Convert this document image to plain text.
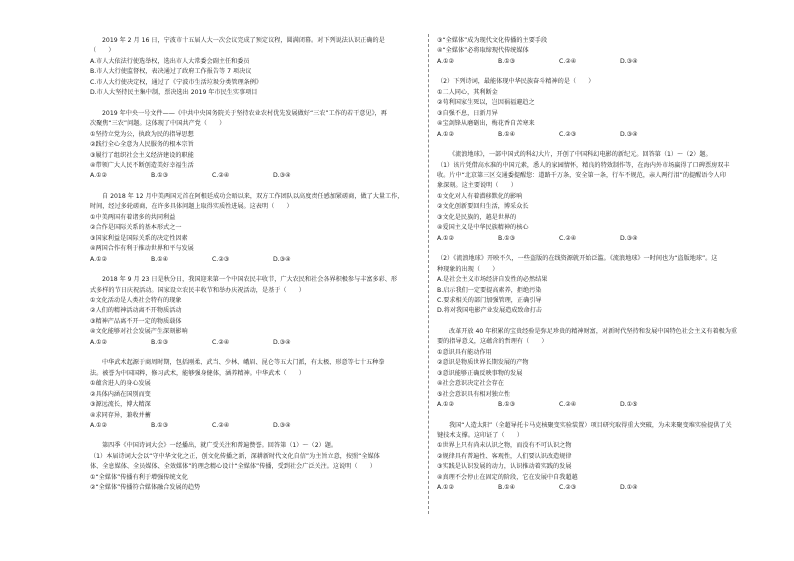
2019 年 2 月 16 日，宁波市十五届人大一次会议完成了预定议程，圆满闭幕。对下列说法认识正确的是
（　　）
A.市人大依法行使选举权，选出市人大常委会副主任和委员
B.市人大行使监督权，表决通过了政府工作报告等 7 项决议
C.市人大行使决定权，通过了《宁波市生活垃圾分类管理条例》
D.市人大坚持民主集中制，票决选出 2019 年市民生实事项目
2019 年中央一号文件——《中共中央国务院关于坚持农业农村优先发展做好“三农”工作的若干意见》，再
次聚焦“三农”问题。这体现了中国共产党（　　）
①坚持立党为公，执政为民的指导思想
②践行全心全意为人民服务的根本宗旨
③履行了组织社会主义经济建设的职能
④带领广大人民不断创造美好幸福生活
A.①②	B.①③	C.②④	D.③④
自 2018 年 12 月中美两国元首在阿根廷成功会晤以来，双方工作团队以高度责任感加紧磋商，做了大量工作，
时间，经过多轮磋商，在许多具体问题上取得实质性进展。这表明（　　）
①中美两国有着诸多的共同利益
②合作是国际关系的基本形式之一
③国家利益是国际关系的决定性因素
④两国合作有利于推动世界和平与发展
A.①②	B.①④	C.②③	D.③④
2018 年 9 月 23 日是秋分日，我国迎来第一个中国农民丰收节，广大农民和社会各界积极参与丰富多彩、形
式多样的节日庆祝活动。国家设立农民丰收节和举办庆祝活动，是基于（　　）
①文化活动是人类社会特有的现象
②人们的精神活动离不开物质活动
③精神产品离不开一定的物质载体
④文化能够对社会发展产生深刻影响
A.①②	B.①③	C.②④	D.③④
中华武术起源于商周时期，包括刚柔、武当、少林、峨眉、昆仑等五大门派，有太极、形意等七十五种拳
法。被誉为中国国粹，修习武术，能够强身健体，涵养精神。中华武术（　　）
①蕴含进人的身心发展
②具体内涵在国别而变
③源远流长，博大精深
④求同存异，兼收并蓄
A.①②	B.①③	C.②④	D.③④
第四季《中国诗词大会》一经播出，就广受关注和普遍赞誉。回答第（1）～（2）题。
（1）本届诗词大会以“守中华文化之正，创文化传播之新，深耕新时代文化自信”为主旨立意，按照“全媒体
体、全息媒体、全员媒体、全效媒体”的理念精心设计“全媒体”传播，受到社会广泛关注。这说明（　　）
①“全媒体”传播有利于增强传统文化
②“全媒体”传播符合媒体融合发展的趋势
③“全媒体”成为现代文化传播的主要手段
④“全媒体”必将取缔现代传统媒体
A.①②	B.①③	C.②④	D.③④
（2）下列诗词，最能体现中华民族奋斗精神的是（　　）
①二人同心，其利断金
②苟利国家生死以，岂因祸福避趋之
③自强不息，日新月异
④宝剑锋从磨砺出，梅花香自苦寒来
A.①②	B.①④	C.②③	D.③④
《流浪地球》，一部中国式的科幻大片，开创了中国科幻电影的新纪元。回答第（1）～（2）题。
（1）该片凭借高水准的中国元素，悉人的家园情怀，精良的特效制作等，在海内外市场赢得了口碑票房双丰
收。片中“北京第三区交通委提醒您：道路千万条，安全第一条，行车不规范，亲人两行泪”的提醒语令人印
象深刻。这主要说明（　　）
①文化对人有着潜移默化的影响
②文化创新要回归生活，博采众长
③文化是民族的，越是世界的
④爱国主义是中华民族精神的核心
A.①②	B.①③	C.②④	D.③④
（2）《流浪地球》开映不久，一些盗版的在线资源就开始泛滥。《流浪地球》一时间也为“盗版地球”。这
种现象的出现（　　）
A.是社会主义市场经济自发性的必然结果
B.启示我们一定要提高素养，拒绝污染
C.要求相关的部门加强管理，正确引导
D.将对我国电影产业发展造成致命打击
改革开放 40 年积累的宝贵经验是弥足珍贵的精神财富，对新时代坚持和发展中国特色社会主义有着极为重
要的指导意义，这蕴含的哲理有（　　）
①意识具有能动作用
②意识是物质世界长期发展的产物
③意识能够正确反映事物的发展
④社会意识决定社会存在
⑤社会意识具有相对独立性
A.①②	B.①③	C.②④	D.①⑤
我国“人造太阳”（全超导托卡马克核聚变实验装置）项目研究取得重大突破，为未来聚变堆实验提供了关
键技术支撑。这印证了（　　）
①世界上只有尚未认识之物，而没有不可认识之物
②规律具有普遍性、客观性，人们要认识改造规律
③实践是认识发展的动力，认识推动着实践的发展
④真理不会停止在固定的阶段，它在发展中自我超越
A.①②	B.①④	C.②③	D.①④
